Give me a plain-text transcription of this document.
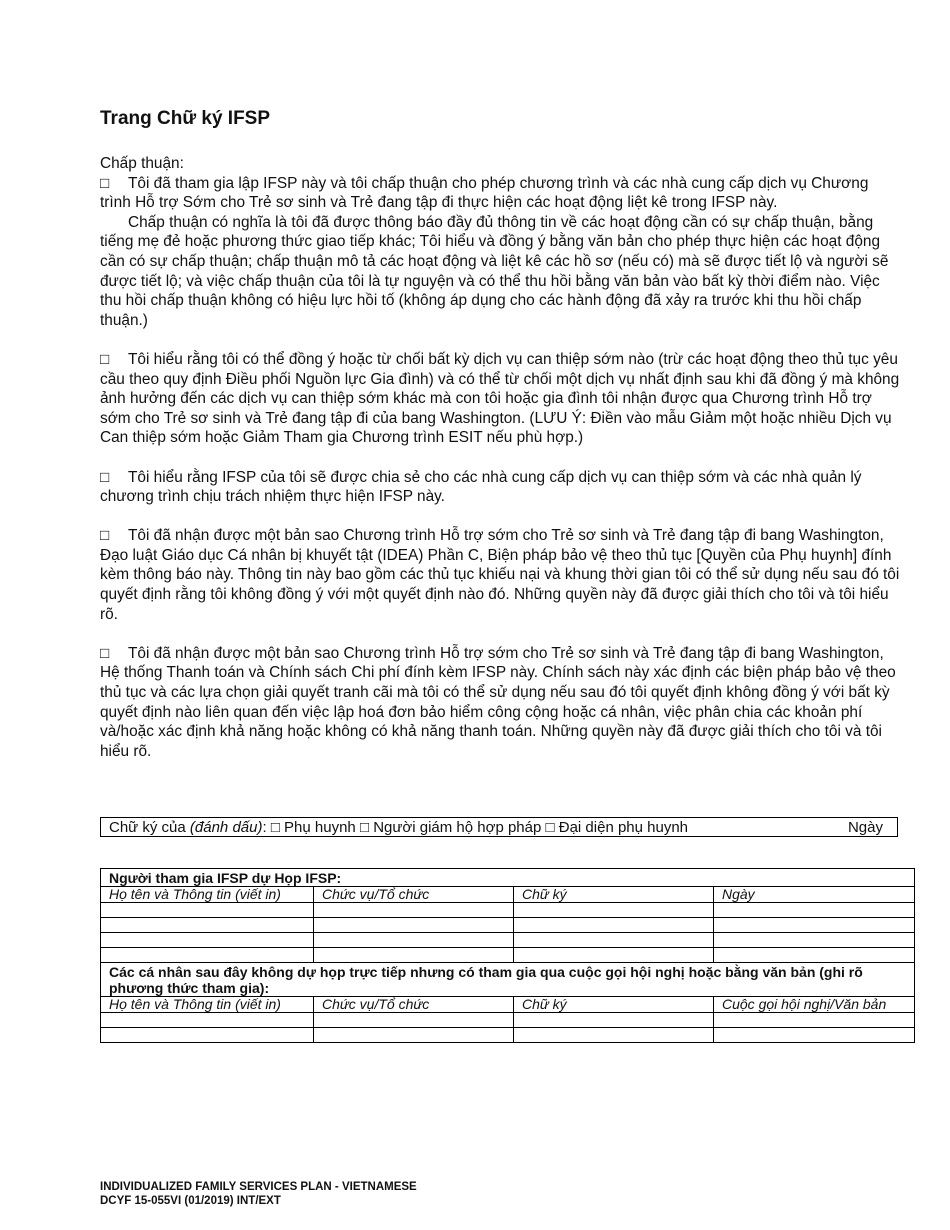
Trang Chữ ký IFSP

Chấp thuận:

□ Tôi đã tham gia lập IFSP này và tôi chấp thuận cho phép chương trình và các nhà cung cấp dịch vụ Chương trình Hỗ trợ Sớm cho Trẻ sơ sinh và Trẻ đang tập đi thực hiện các hoạt động liệt kê trong IFSP này.

Chấp thuận có nghĩa là tôi đã được thông báo đầy đủ thông tin về các hoạt động cần có sự chấp thuận, bằng tiếng mẹ đẻ hoặc phương thức giao tiếp khác; Tôi hiểu và đồng ý bằng văn bản cho phép thực hiện các hoạt động cần có sự chấp thuận; chấp thuận mô tả các hoạt động và liệt kê các hồ sơ (nếu có) mà sẽ được tiết lộ và người sẽ được tiết lộ; và việc chấp thuận của tôi là tự nguyện và có thể thu hồi bằng văn bản vào bất kỳ thời điểm nào. Việc thu hồi chấp thuận không có hiệu lực hồi tố (không áp dụng cho các hành động đã xảy ra trước khi thu hồi chấp thuận.)

□ Tôi hiểu rằng tôi có thể đồng ý hoặc từ chối bất kỳ dịch vụ can thiệp sớm nào (trừ các hoạt động theo thủ tục yêu cầu theo quy định Điều phối Nguồn lực Gia đình) và có thể từ chối một dịch vụ nhất định sau khi đã đồng ý mà không ảnh hưởng đến các dịch vụ can thiệp sớm khác mà con tôi hoặc gia đình tôi nhận được qua Chương trình Hỗ trợ sớm cho Trẻ sơ sinh và Trẻ đang tập đi của bang Washington. (LƯU Ý: Điền vào mẫu Giảm một hoặc nhiều Dịch vụ Can thiệp sớm hoặc Giảm Tham gia Chương trình ESIT nếu phù hợp.)

□ Tôi hiểu rằng IFSP của tôi sẽ được chia sẻ cho các nhà cung cấp dịch vụ can thiệp sớm và các nhà quản lý chương trình chịu trách nhiệm thực hiện IFSP này.

□ Tôi đã nhận được một bản sao Chương trình Hỗ trợ sớm cho Trẻ sơ sinh và Trẻ đang tập đi bang Washington, Đạo luật Giáo dục Cá nhân bị khuyết tật (IDEA) Phần C, Biện pháp bảo vệ theo thủ tục [Quyền của Phụ huynh] đính kèm thông báo này. Thông tin này bao gồm các thủ tục khiếu nại và khung thời gian tôi có thể sử dụng nếu sau đó tôi quyết định rằng tôi không đồng ý với một quyết định nào đó. Những quyền này đã được giải thích cho tôi và tôi hiểu rõ.

□ Tôi đã nhận được một bản sao Chương trình Hỗ trợ sớm cho Trẻ sơ sinh và Trẻ đang tập đi bang Washington, Hệ thống Thanh toán và Chính sách Chi phí đính kèm IFSP này. Chính sách này xác định các biện pháp bảo vệ theo thủ tục và các lựa chọn giải quyết tranh cãi mà tôi có thể sử dụng nếu sau đó tôi quyết định không đồng ý với bất kỳ quyết định nào liên quan đến việc lập hoá đơn bảo hiểm công cộng hoặc cá nhân, việc phân chia các khoản phí và/hoặc xác định khả năng hoặc không có khả năng thanh toán. Những quyền này đã được giải thích cho tôi và tôi hiểu rõ.

Chữ ký của (đánh dấu): □ Phụ huynh □ Người giám hộ hợp pháp □ Đại diện phụ huynh	Ngày
Người tham gia IFSP dự Họp IFSP:			
Họ tên và Thông tin (viết in)	Chức vụ/Tổ chức	Chữ ký	Ngày

Các cá nhân sau đây không dự họp trực tiếp nhưng có tham gia qua cuộc gọi hội nghị hoặc bằng văn bản (ghi rõ phương thức tham gia):			
Họ tên và Thông tin (viết in)	Chức vụ/Tổ chức	Chữ ký	Cuộc gọi hội nghị/Văn bản

INDIVIDUALIZED FAMILY SERVICES PLAN - VIETNAMESE
DCYF 15-055VI (01/2019) INT/EXT
